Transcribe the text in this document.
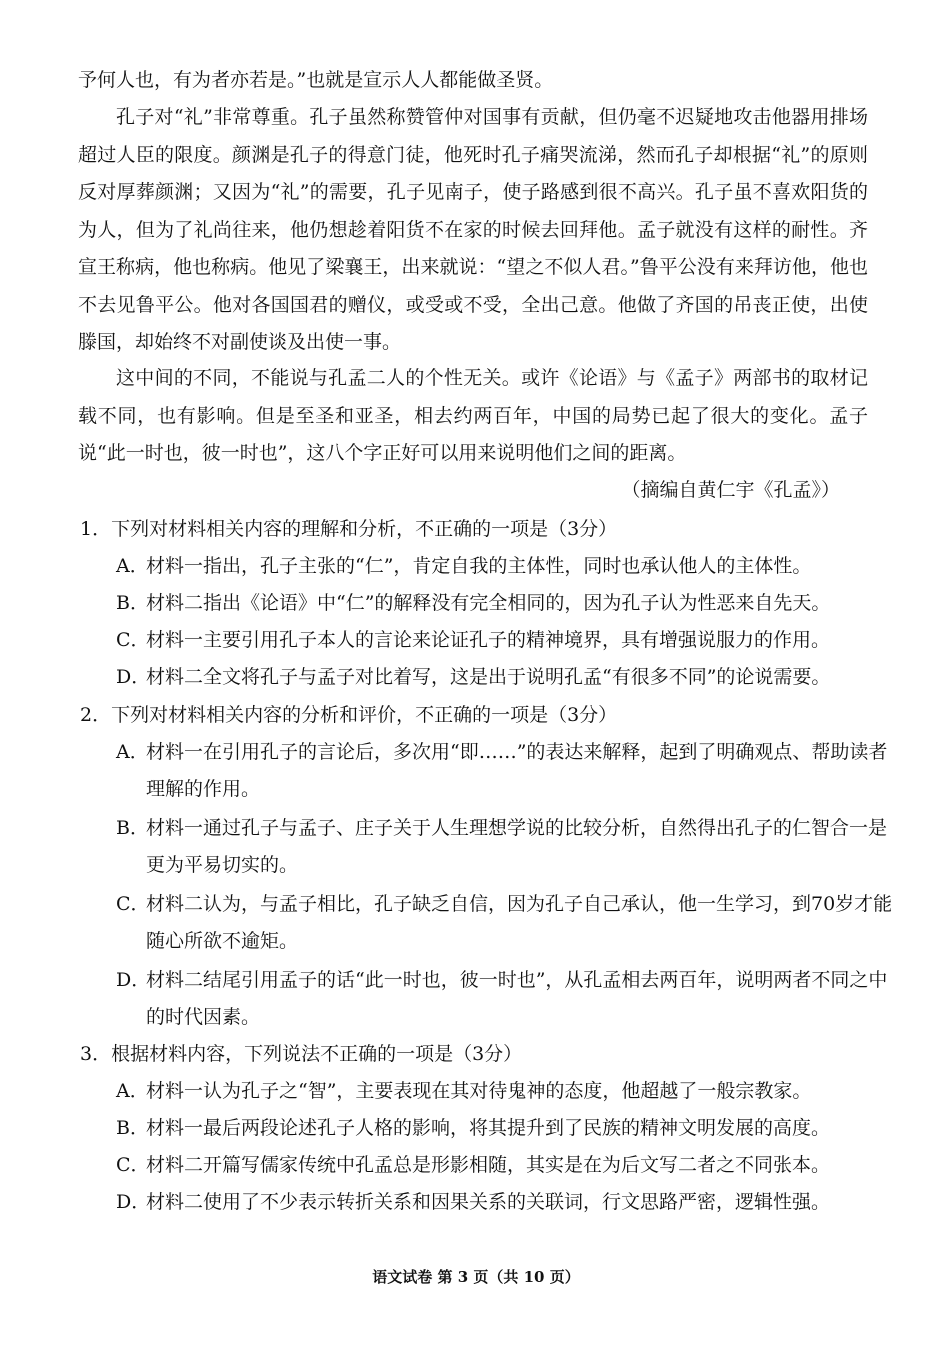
予何人也，有为者亦若是。”也就是宣示人人都能做圣贤。

孔子对“礼”非常尊重。孔子虽然称赞管仲对国事有贡献，但仍毫不迟疑地攻击他器用排场超过人臣的限度。颜渊是孔子的得意门徒，他死时孔子痛哭流涕，然而孔子却根据“礼”的原则反对厚葬颜渊；又因为“礼”的需要，孔子见南子，使子路感到很不高兴。孔子虽不喜欢阳货的为人，但为了礼尚往来，他仍想趁着阳货不在家的时候去回拜他。孟子就没有这样的耐性。齐宣王称病，他也称病。他见了梁襄王，出来就说：“望之不似人君。”鲁平公没有来拜访他，他也不去见鲁平公。他对各国国君的赠仪，或受或不受，全出己意。他做了齐国的吊丧正使，出使滕国，却始终不对副使谈及出使一事。

这中间的不同，不能说与孔孟二人的个性无关。或许《论语》与《孟子》两部书的取材记载不同，也有影响。但是至圣和亚圣，相去约两百年，中国的局势已起了很大的变化。孟子说“此一时也，彼一时也”，这八个字正好可以用来说明他们之间的距离。

（摘编自黄仁宇《孔孟》）

1．下列对材料相关内容的理解和分析，不正确的一项是（3分）

A．材料一指出，孔子主张的“仁”，肯定自我的主体性，同时也承认他人的主体性。

B．材料二指出《论语》中“仁”的解释没有完全相同的，因为孔子认为性恶来自先天。

C．材料一主要引用孔子本人的言论来论证孔子的精神境界，具有增强说服力的作用。

D．材料二全文将孔子与孟子对比着写，这是出于说明孔孟“有很多不同”的论说需要。

2．下列对材料相关内容的分析和评价，不正确的一项是（3分）

A．材料一在引用孔子的言论后，多次用“即……”的表达来解释，起到了明确观点、帮助读者理解的作用。

B．材料一通过孔子与孟子、庄子关于人生理想学说的比较分析，自然得出孔子的仁智合一是更为平易切实的。

C．材料二认为，与孟子相比，孔子缺乏自信，因为孔子自己承认，他一生学习，到70岁才能随心所欲不逾矩。

D．材料二结尾引用孟子的话“此一时也，彼一时也”，从孔孟相去两百年，说明两者不同之中的时代因素。

3．根据材料内容，下列说法不正确的一项是（3分）

A．材料一认为孔子之“智”，主要表现在其对待鬼神的态度，他超越了一般宗教家。

B．材料一最后两段论述孔子人格的影响，将其提升到了民族的精神文明发展的高度。

C．材料二开篇写儒家传统中孔孟总是形影相随，其实是在为后文写二者之不同张本。

D．材料二使用了不少表示转折关系和因果关系的关联词，行文思路严密，逻辑性强。

语文试卷 第 3 页（共 10 页）
